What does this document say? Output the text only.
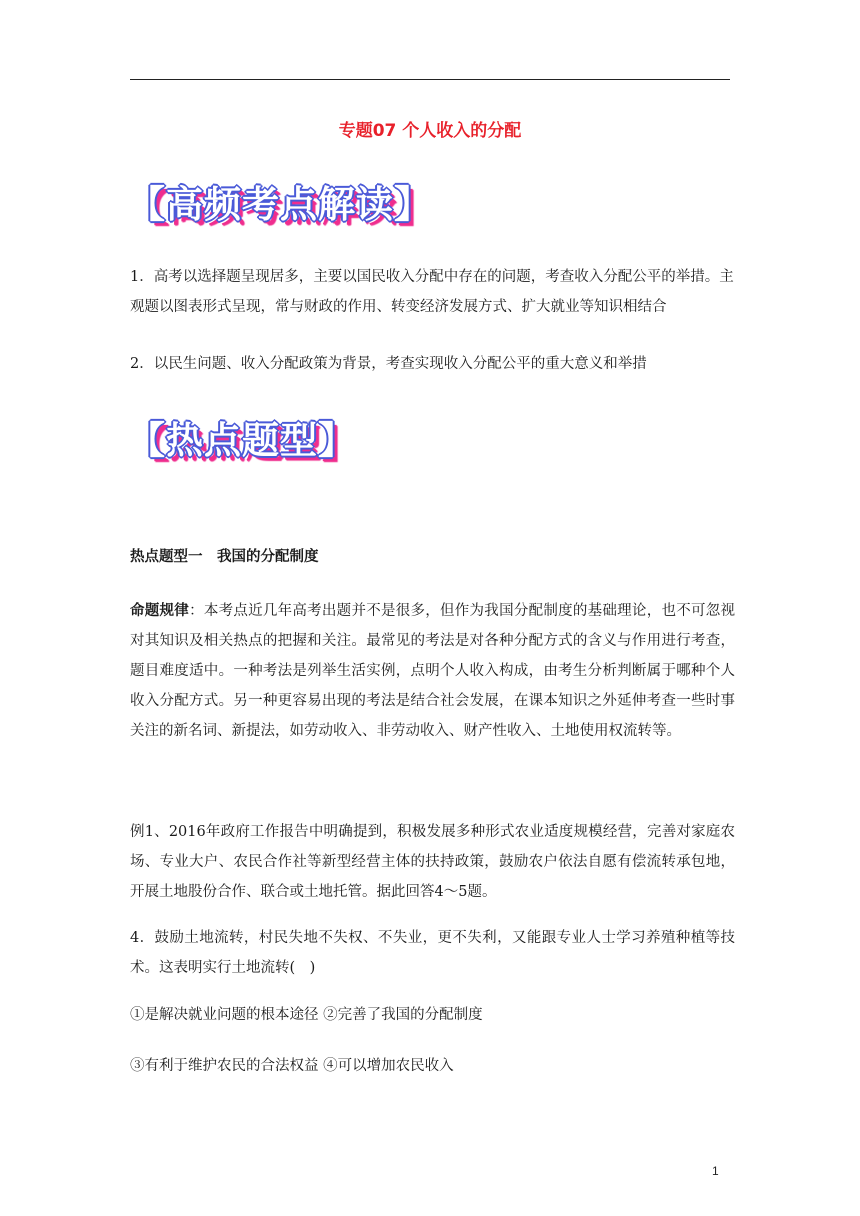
专题07 个人收入的分配
【高频考点解读】

1．高考以选择题呈现居多，主要以国民收入分配中存在的问题，考查收入分配公平的举措。主观题以图表形式呈现，常与财政的作用、转变经济发展方式、扩大就业等知识相结合

2．以民生问题、收入分配政策为背景，考查实现收入分配公平的重大意义和举措

【热点题型】
热点题型一　我国的分配制度

命题规律：本考点近几年高考出题并不是很多，但作为我国分配制度的基础理论，也不可忽视对其知识及相关热点的把握和关注。最常见的考法是对各种分配方式的含义与作用进行考查，题目难度适中。一种考法是列举生活实例，点明个人收入构成，由考生分析判断属于哪种个人收入分配方式。另一种更容易出现的考法是结合社会发展，在课本知识之外延伸考查一些时事关注的新名词、新提法，如劳动收入、非劳动收入、财产性收入、土地使用权流转等。

例1、2016年政府工作报告中明确提到，积极发展多种形式农业适度规模经营，完善对家庭农场、专业大户、农民合作社等新型经营主体的扶持政策，鼓励农户依法自愿有偿流转承包地，开展土地股份合作、联合或土地托管。据此回答4～5题。

4．鼓励土地流转，村民失地不失权、不失业，更不失利，又能跟专业人士学习养殖种植等技术。这表明实行土地流转(　)

①是解决就业问题的根本途径 ②完善了我国的分配制度

③有利于维护农民的合法权益 ④可以增加农民收入

1
